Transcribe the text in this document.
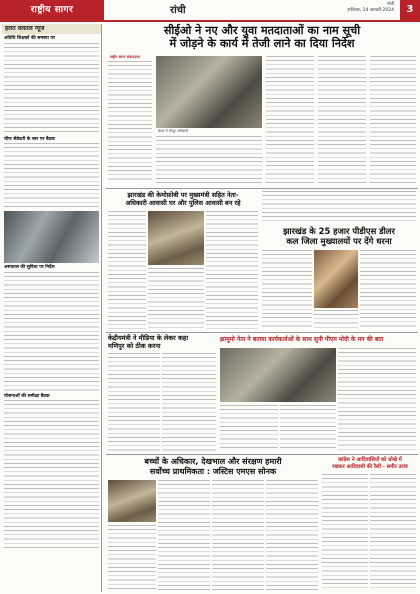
राष्ट्रीय सागर	रांची
रांची
शनिवार, 14 जनवरी 2024	3
हलत वलतल न्यूज
अतिथि शिक्षकों की समस्या पर
चीफ सेक्रेटरी के स्तर पर बैठक
अस्पताल की सुविधा पर निर्देश
योजनाओं की समीक्षा बैठक
सीईओ ने नए और युवा मतदाताओं का नाम सूची
में जोड़ने के कार्य में तेजी लाने का दिया निर्देश
राष्ट्रीय सागर संवाददाता
बैठक में मौजूद अधिकारी
झारखंड की केमोफ़ोबी पर मुख्यमंत्री सहित नेता-
अधिकारी आवासी घर और पुलिस आवासी बन रहे
झारखंड के 25 हजार पीडीएस डीलर
कल जिला मुख्यालयों पर देंगे धरना
केद्रीयमंत्री ने मीडिया के लेकर कहा
मणिपुर को ठीक करना
झामुमो नेता ने बताया कार्यकर्ताओं के साथ सुनी पीएम मोदी के मन की बात
बच्चों के अधिकार, देखभाल और संरक्षण हमारी
सर्वोच्च प्राथमिकता : जस्टिस एमएस सोनक
कांग्रेस ने आदिवासियों को धोखे में
रखकर आदिवासी की रैली - समीर उरांव
